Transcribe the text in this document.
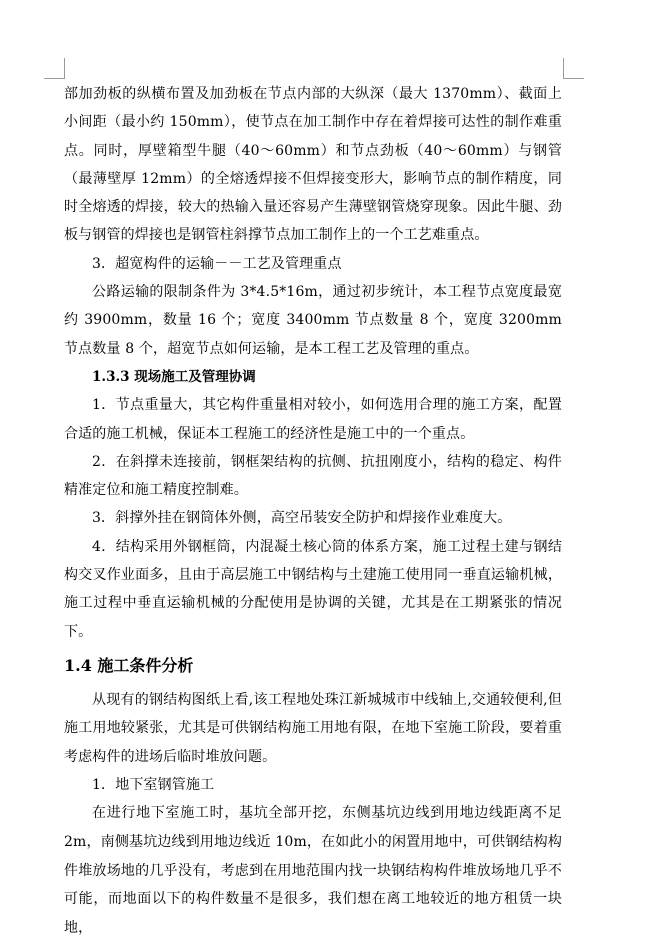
部加劲板的纵横布置及加劲板在节点内部的大纵深（最大 1370mm）、截面上小间距（最小约 150mm），使节点在加工制作中存在着焊接可达性的制作难重点。同时，厚壁箱型牛腿（40～60mm）和节点劲板（40～60mm）与钢管（最薄壁厚 12mm）的全熔透焊接不但焊接变形大，影响节点的制作精度，同时全熔透的焊接，较大的热输入量还容易产生薄壁钢管烧穿现象。因此牛腿、劲板与钢管的焊接也是钢管柱斜撑节点加工制作上的一个工艺难重点。

3．超宽构件的运输－－工艺及管理重点

公路运输的限制条件为 3*4.5*16m，通过初步统计，本工程节点宽度最宽约 3900mm，数量 16 个；宽度 3400mm 节点数量 8 个，宽度 3200mm 节点数量 8 个，超宽节点如何运输，是本工程工艺及管理的重点。

1.3.3 现场施工及管理协调

1．节点重量大，其它构件重量相对较小，如何选用合理的施工方案，配置合适的施工机械，保证本工程施工的经济性是施工中的一个重点。

2．在斜撑未连接前，钢框架结构的抗侧、抗扭刚度小，结构的稳定、构件精准定位和施工精度控制难。

3．斜撑外挂在钢筒体外侧，高空吊装安全防护和焊接作业难度大。

4．结构采用外钢框筒，内混凝土核心筒的体系方案，施工过程土建与钢结构交叉作业面多，且由于高层施工中钢结构与土建施工使用同一垂直运输机械，施工过程中垂直运输机械的分配使用是协调的关键，尤其是在工期紧张的情况下。

1.4 施工条件分析

从现有的钢结构图纸上看,该工程地处珠江新城城市中线轴上,交通较便利,但施工用地较紧张，尤其是可供钢结构施工用地有限，在地下室施工阶段，要着重考虑构件的进场后临时堆放问题。

1．地下室钢管施工

在进行地下室施工时，基坑全部开挖，东侧基坑边线到用地边线距离不足 2m，南侧基坑边线到用地边线近 10m，在如此小的闲置用地中，可供钢结构构件堆放场地的几乎没有，考虑到在用地范围内找一块钢结构构件堆放场地几乎不可能，而地面以下的构件数量不是很多，我们想在离工地较近的地方租赁一块地，
